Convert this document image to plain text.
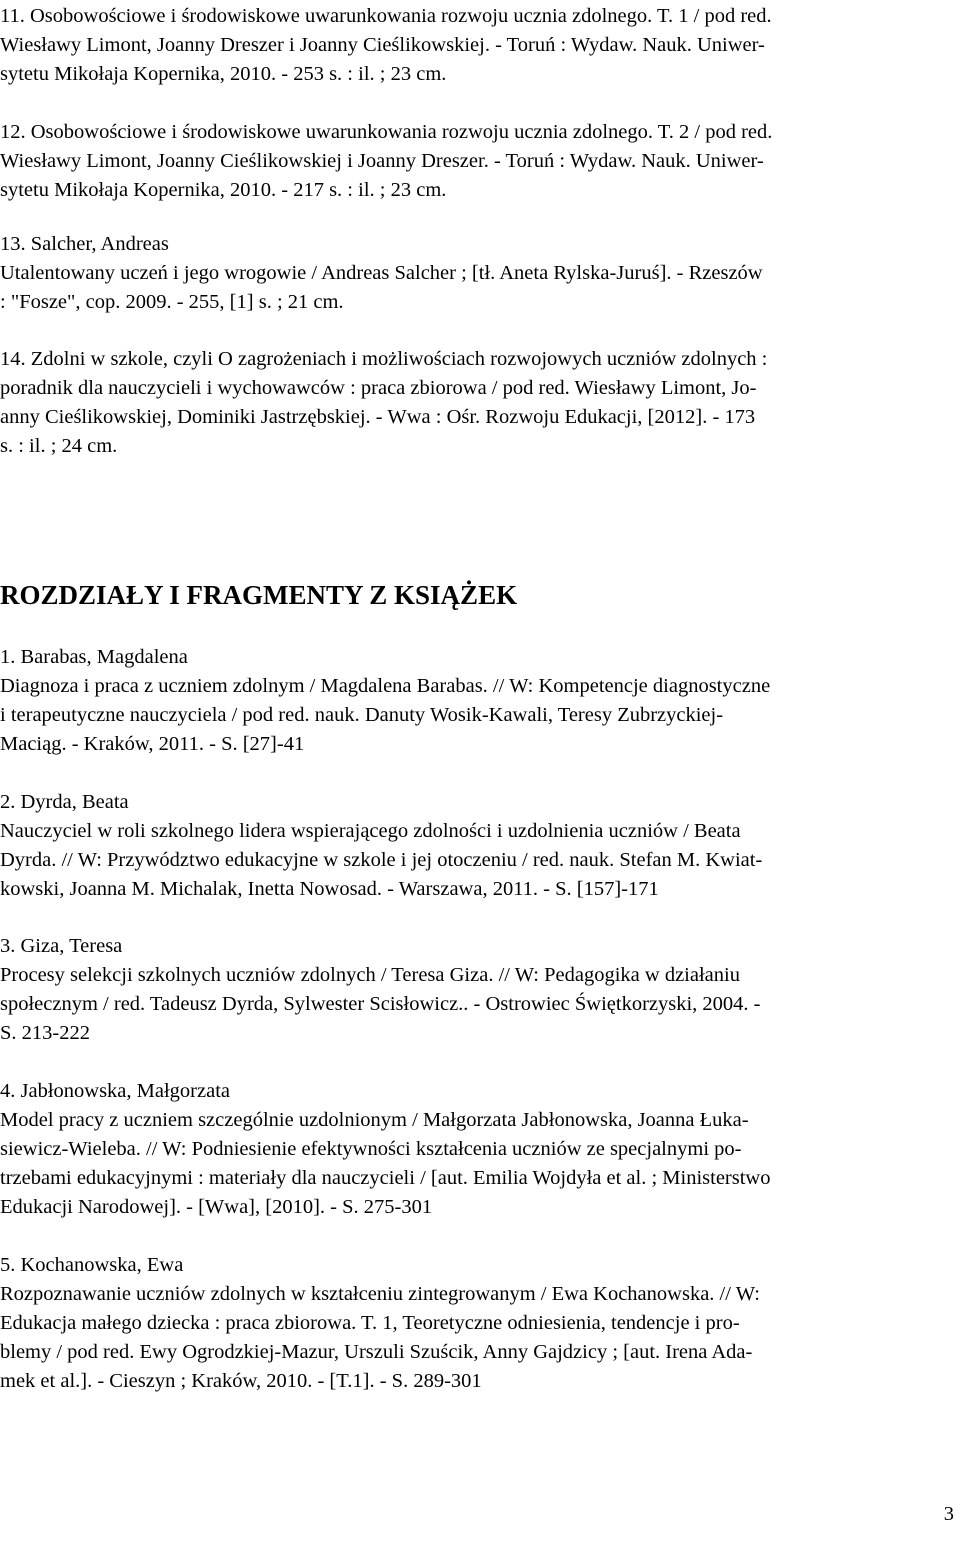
11. Osobowościowe i środowiskowe uwarunkowania rozwoju ucznia zdolnego. T. 1 / pod red.
Wiesławy Limont, Joanny Dreszer i Joanny Cieślikowskiej. - Toruń : Wydaw. Nauk. Uniwer-
sytetu Mikołaja Kopernika, 2010. - 253 s. : il. ; 23 cm.
12. Osobowościowe i środowiskowe uwarunkowania rozwoju ucznia zdolnego. T. 2 / pod red.
Wiesławy Limont, Joanny Cieślikowskiej i Joanny Dreszer. - Toruń : Wydaw. Nauk. Uniwer-
sytetu Mikołaja Kopernika, 2010. - 217 s. : il. ; 23 cm.
13. Salcher, Andreas
Utalentowany uczeń i jego wrogowie / Andreas Salcher ; [tł. Aneta Rylska-Juruś]. - Rzeszów
: "Fosze", cop. 2009. - 255, [1] s. ; 21 cm.
14. Zdolni w szkole, czyli O zagrożeniach i możliwościach rozwojowych uczniów zdolnych :
poradnik dla nauczycieli i wychowawców : praca zbiorowa / pod red. Wiesławy Limont, Jo-
anny Cieślikowskiej, Dominiki Jastrzębskiej. - Wwa : Ośr. Rozwoju Edukacji, [2012]. - 173
s. : il. ; 24 cm.
ROZDZIAŁY I FRAGMENTY Z KSIĄŻEK
1. Barabas, Magdalena
Diagnoza i praca z uczniem zdolnym / Magdalena Barabas. // W: Kompetencje diagnostyczne
i terapeutyczne nauczyciela / pod red. nauk. Danuty Wosik-Kawali, Teresy Zubrzyckiej-
Maciąg. - Kraków, 2011. - S. [27]-41
2. Dyrda, Beata
Nauczyciel w roli szkolnego lidera wspierającego zdolności i uzdolnienia uczniów / Beata
Dyrda. // W: Przywództwo edukacyjne w szkole i jej otoczeniu / red. nauk. Stefan M. Kwiat-
kowski, Joanna M. Michalak, Inetta Nowosad. - Warszawa, 2011. - S. [157]-171
3. Giza, Teresa
Procesy selekcji szkolnych uczniów zdolnych / Teresa Giza. // W: Pedagogika w działaniu
społecznym / red. Tadeusz Dyrda, Sylwester Scisłowicz.. - Ostrowiec Świętkorzyski, 2004. -
S. 213-222
4. Jabłonowska, Małgorzata
Model pracy z uczniem szczególnie uzdolnionym / Małgorzata Jabłonowska, Joanna Łuka-
siewicz-Wieleba. // W: Podniesienie efektywności kształcenia uczniów ze specjalnymi po-
trzebami edukacyjnymi : materiały dla nauczycieli / [aut. Emilia Wojdyła et al. ; Ministerstwo
Edukacji Narodowej]. - [Wwa], [2010]. - S. 275-301
5. Kochanowska, Ewa
Rozpoznawanie uczniów zdolnych w kształceniu zintegrowanym / Ewa Kochanowska. // W:
Edukacja małego dziecka : praca zbiorowa. T. 1, Teoretyczne odniesienia, tendencje i pro-
blemy / pod red. Ewy Ogrodzkiej-Mazur, Urszuli Szuścik, Anny Gajdzicy ; [aut. Irena Ada-
mek et al.]. - Cieszyn ; Kraków, 2010. - [T.1]. - S. 289-301
3
